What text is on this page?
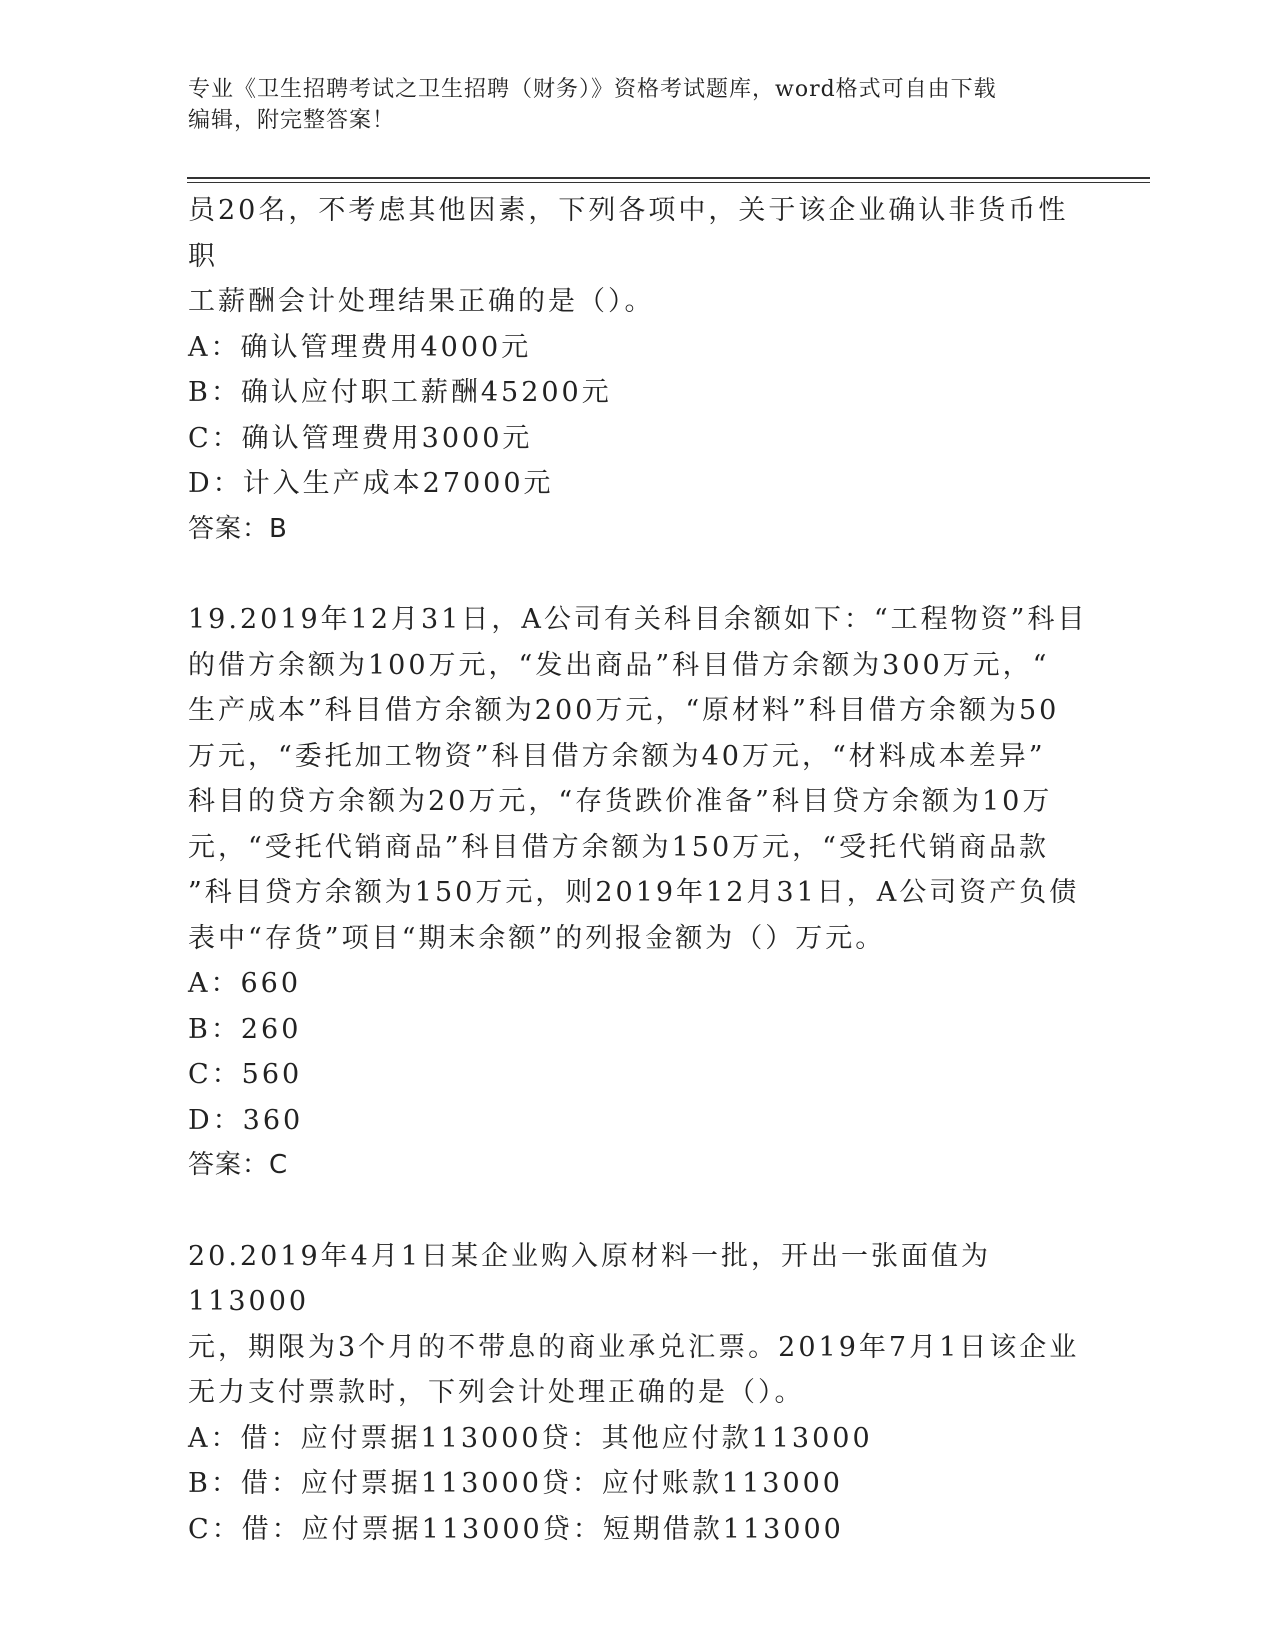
专业《卫生招聘考试之卫生招聘（财务）》资格考试题库，word格式可自由下载
编辑，附完整答案！

员20名，不考虑其他因素，下列各项中，关于该企业确认非货币性职

工薪酬会计处理结果正确的是（）。

A：确认管理费用4000元

B：确认应付职工薪酬45200元

C：确认管理费用3000元

D：计入生产成本27000元

答案：B

19.2019年12月31日，A公司有关科目余额如下：“工程物资”科目

的借方余额为100万元，“发出商品”科目借方余额为300万元，“

生产成本”科目借方余额为200万元，“原材料”科目借方余额为50

万元，“委托加工物资”科目借方余额为40万元，“材料成本差异”

科目的贷方余额为20万元，“存货跌价准备”科目贷方余额为10万

元，“受托代销商品”科目借方余额为150万元，“受托代销商品款

”科目贷方余额为150万元，则2019年12月31日，A公司资产负债

表中“存货”项目“期末余额”的列报金额为（）万元。

A：660

B：260

C：560

D：360

答案：C

20.2019年4月1日某企业购入原材料一批，开出一张面值为113000

元，期限为3个月的不带息的商业承兑汇票。2019年7月1日该企业

无力支付票款时，下列会计处理正确的是（）。

A：借：应付票据113000贷：其他应付款113000

B：借：应付票据113000贷：应付账款113000

C：借：应付票据113000贷：短期借款113000
